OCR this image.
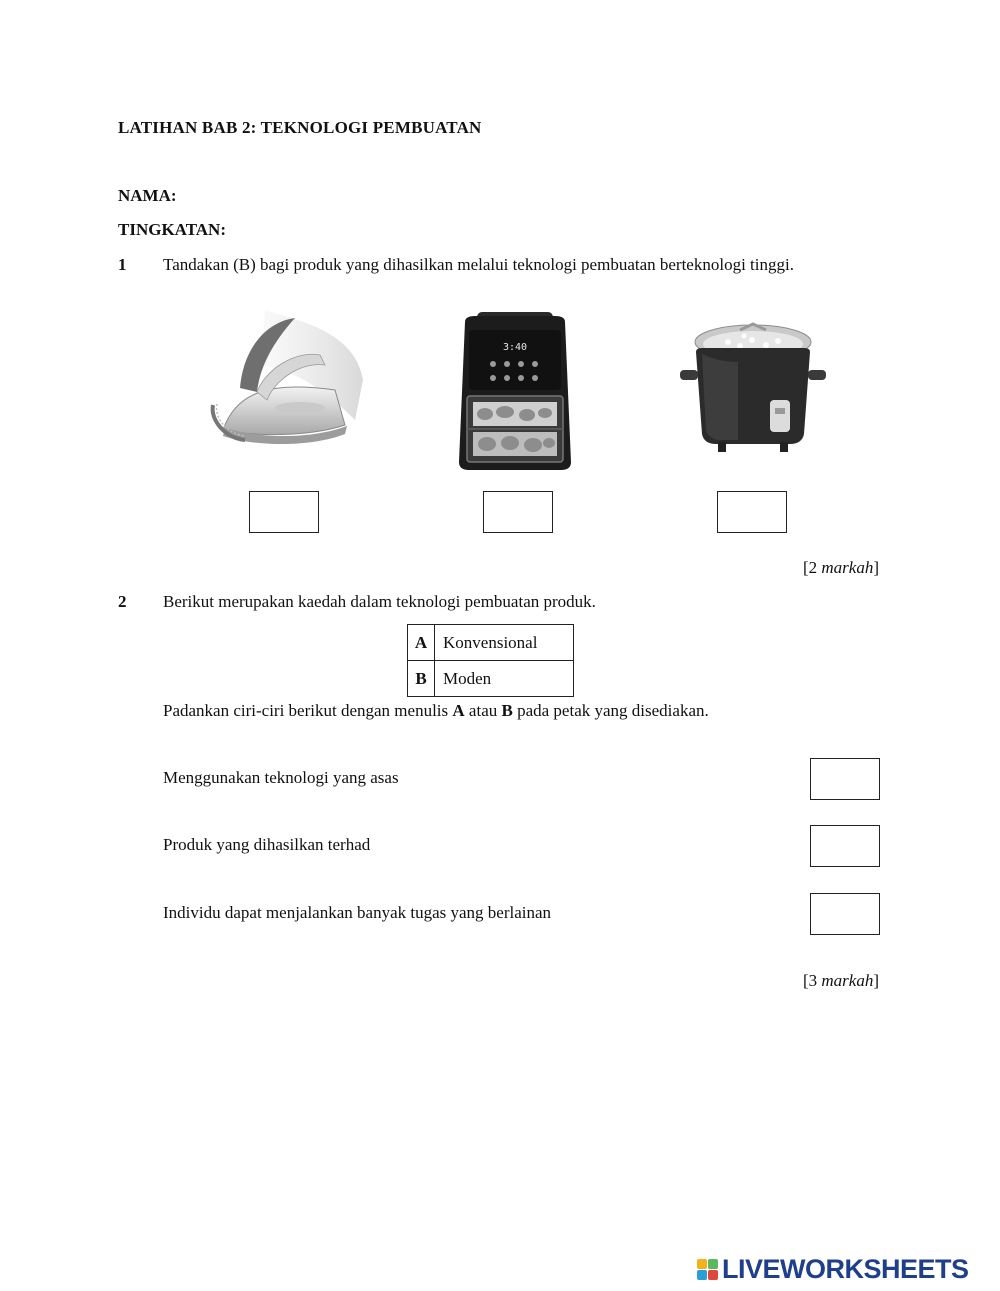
LATIHAN BAB 2: TEKNOLOGI PEMBUATAN
NAMA:
TINGKATAN:
1 Tandakan (B) bagi produk yang dihasilkan melalui teknologi pembuatan berteknologi tinggi.
3:40
[2 markah]
2 Berikut merupakan kaedah dalam teknologi pembuatan produk.
A	Konvensional
B	Moden
Padankan ciri-ciri berikut dengan menulis A atau B pada petak yang disediakan.
Menggunakan teknologi yang asas
Produk yang dihasilkan terhad
Individu dapat menjalankan banyak tugas yang berlainan
[3 markah]
LIVEWORKSHEETS
